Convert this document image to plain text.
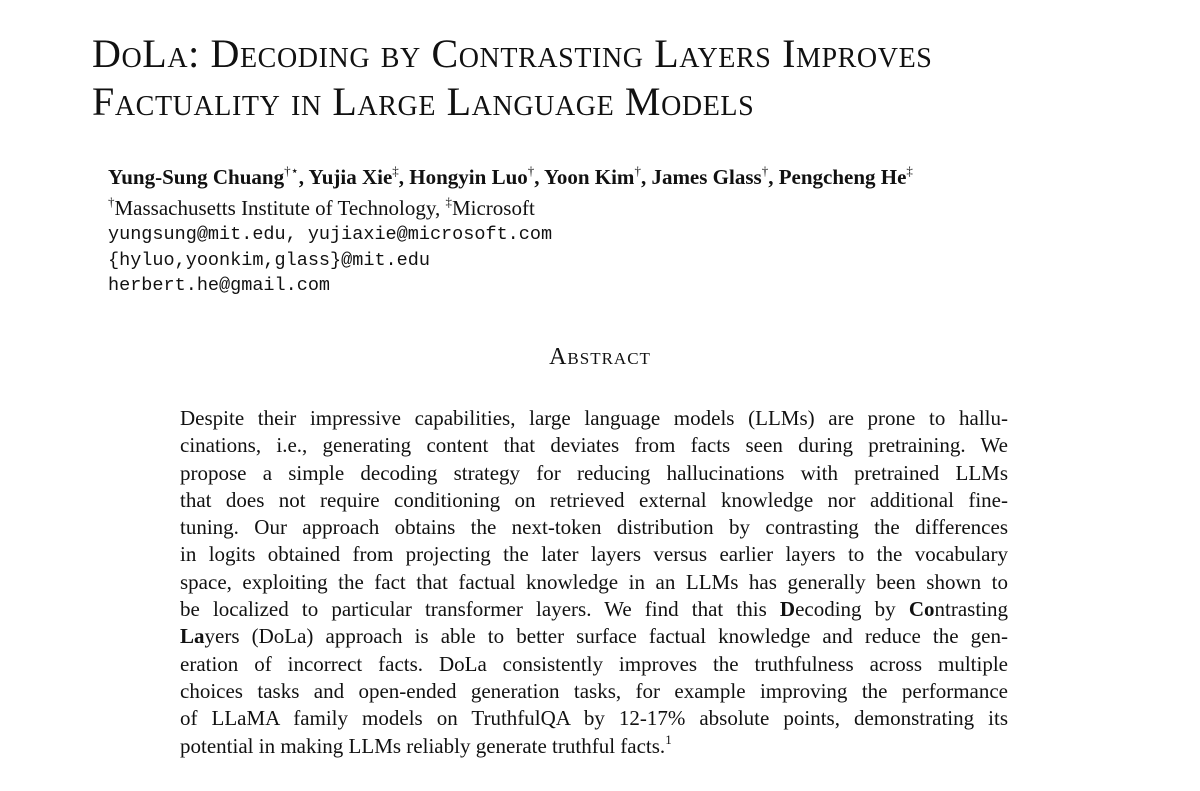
DoLa: Decoding by Contrasting Layers Improves
Factuality in Large Language Models
Yung-Sung Chuang†⋆, Yujia Xie‡, Hongyin Luo†, Yoon Kim†, James Glass†, Pengcheng He‡
†Massachusetts Institute of Technology, ‡Microsoft
yungsung@mit.edu, yujiaxie@microsoft.com
{hyluo,yoonkim,glass}@mit.edu
herbert.he@gmail.com
Abstract
Despite their impressive capabilities, large language models (LLMs) are prone to hallu-
cinations, i.e., generating content that deviates from facts seen during pretraining. We
propose a simple decoding strategy for reducing hallucinations with pretrained LLMs
that does not require conditioning on retrieved external knowledge nor additional fine-
tuning. Our approach obtains the next-token distribution by contrasting the differences
in logits obtained from projecting the later layers versus earlier layers to the vocabulary
space, exploiting the fact that factual knowledge in an LLMs has generally been shown to
be localized to particular transformer layers. We find that this Decoding by Contrasting
Layers (DoLa) approach is able to better surface factual knowledge and reduce the gen-
eration of incorrect facts. DoLa consistently improves the truthfulness across multiple
choices tasks and open-ended generation tasks, for example improving the performance
of LLaMA family models on TruthfulQA by 12-17% absolute points, demonstrating its
potential in making LLMs reliably generate truthful facts.$^1$
